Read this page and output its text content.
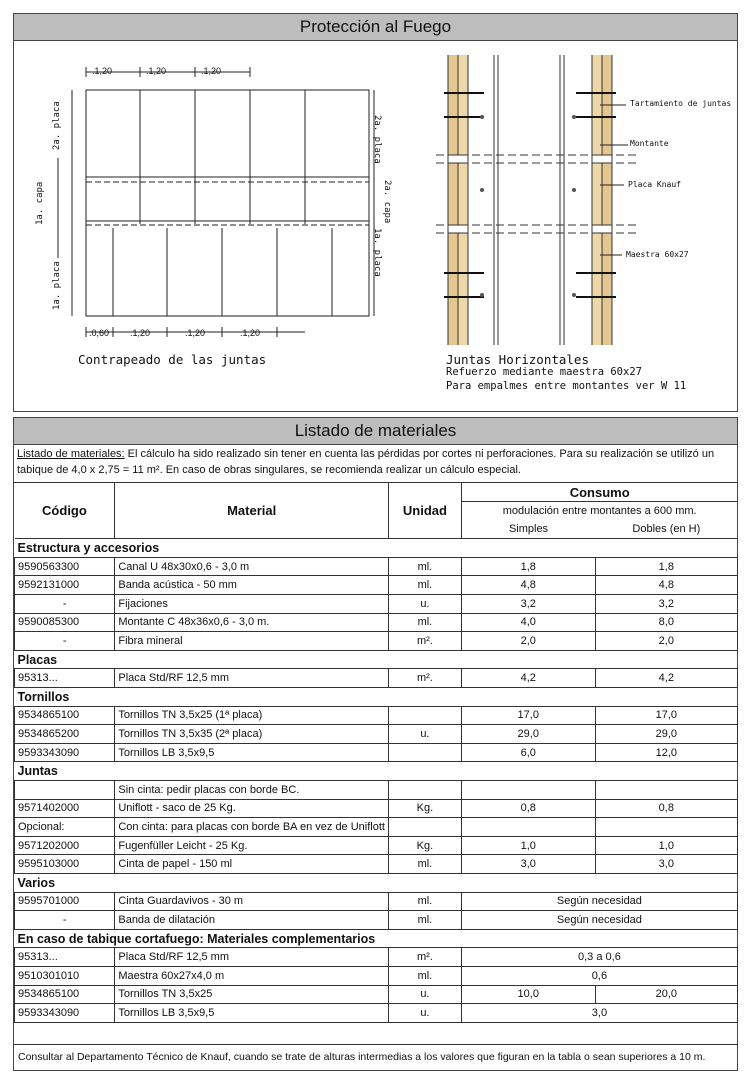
Protección al Fuego
.1,20	.1,20	.1,20
.0,60 .1,20	.1,20	.1,20
2a. placa
1a. capa
1a. placa
2a. placa
2a. capa
1a. placa
Contrapeado de las juntas
Tartamiento de juntas
Montante
Placa Knauf
Maestra 60x27
Juntas Horizontales
Refuerzo mediante maestra 60x27
Para empalmes entre montantes ver W 11
Listado de materiales
Listado de materiales: El cálculo ha sido realizado sin tener en cuenta las pérdidas por cortes ni perforaciones. Para su realización se utilizó un tabique de 4,0 x 2,75 = 11 m². En caso de obras singulares, se recomienda realizar un cálculo especial.
Código	Material	Unidad	Consumo	
			modulación entre montantes a 600 mm.	
			Simples	Dobles (en H)
Estructura y accesorios				
9590563300	Canal U 48x30x0,6 - 3,0 m	ml.	1,8	1,8
9592131000	Banda acústica - 50 mm	ml.	4,8	4,8
-	Fijaciones	u.	3,2	3,2
9590085300	Montante C 48x36x0,6 - 3,0 m.	ml.	4,0	8,0
-	Fibra mineral	m².	2,0	2,0
Placas				
95313...	Placa Std/RF 12,5 mm	m².	4,2	4,2
Tornillos				
9534865100	Tornillos TN 3,5x25 (1ª placa)		17,0	17,0
9534865200	Tornillos TN 3,5x35 (2ª placa)	u.	29,0	29,0
9593343090	Tornillos LB 3,5x9,5		6,0	12,0
Juntas				
	Sin cinta: pedir placas con borde BC.			
9571402000	Uniflott - saco de 25 Kg.	Kg.	0,8	0,8
Opcional:	Con cinta: para placas con borde BA en vez de Uniflott			
9571202000	Fugenfüller Leicht - 25 Kg.	Kg.	1,0	1,0
9595103000	Cinta de papel - 150 ml	ml.	3,0	3,0
Varios				
9595701000	Cinta Guardavivos - 30 m	ml.	Según necesidad	
-	Banda de dilatación	ml.	Según necesidad	
En caso de tabique cortafuego: Materiales complementarios				
95313...	Placa Std/RF 12,5 mm	m².	0,3 a 0,6	
9510301010	Maestra 60x27x4,0 m	ml.	0,6	
9534865100	Tornillos TN 3,5x25	u.	10,0	20,0
9593343090	Tornillos LB 3,5x9,5	u.	3,0	
Consultar al Departamento Técnico de Knauf, cuando se trate de alturas intermedias a los valores que figuran en la tabla o sean superiores a 10 m.
